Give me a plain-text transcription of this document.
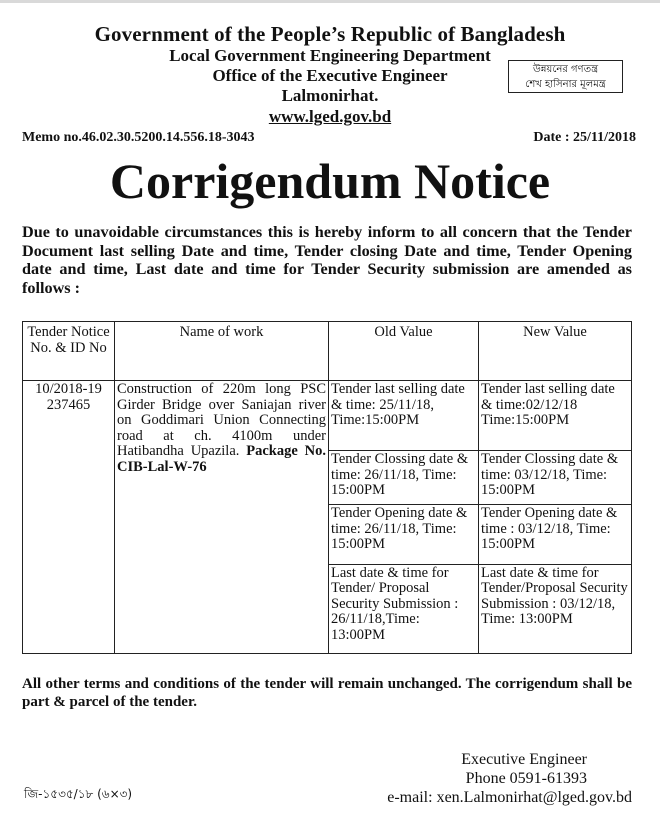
Government of the People’s Republic of Bangladesh
Local Government Engineering Department
Office of the Executive Engineer
Lalmonirhat.
www.lged.gov.bd
উন্নয়নের গণতন্ত্র
শেখ হাসিনার মূলমন্ত্র
Memo no.46.02.30.5200.14.556.18-3043	Date : 25/11/2018
Corrigendum Notice
Due to unavoidable circumstances this is hereby inform to all concern that the Tender Document last selling Date and time, Tender closing Date and time, Tender Opening date and time, Last date and time for Tender Security submission are amended as follows :
Tender Notice No. & ID No	Name of work	Old Value	New Value

10/2018-19
237465	Construction of 220m long PSC Girder Bridge over Saniajan river on Goddimari Union Connecting road at ch. 4100m under Hatibandha Upazila. Package No. CIB-Lal-W-76	Tender last selling date & time: 25/11/18, Time:15:00PM	Tender last selling date & time:02/12/18 Time:15:00PM
		Tender Clossing date & time: 26/11/18, Time: 15:00PM	Tender Clossing date & time: 03/12/18, Time: 15:00PM
		Tender Opening date & time: 26/11/18, Time: 15:00PM	Tender Opening date & time : 03/12/18, Time: 15:00PM
		Last date & time for Tender/ Proposal Security Submission : 26/11/18,Time: 13:00PM	Last date & time for Tender/Proposal Security Submission : 03/12/18, Time: 13:00PM
All other terms and conditions of the tender will remain unchanged. The corrigendum shall be part & parcel of the tender.
Executive Engineer
Phone 0591-61393
e-mail: xen.Lalmonirhat@lged.gov.bd
জি-১৫৩৫/১৮ (৬×৩)
